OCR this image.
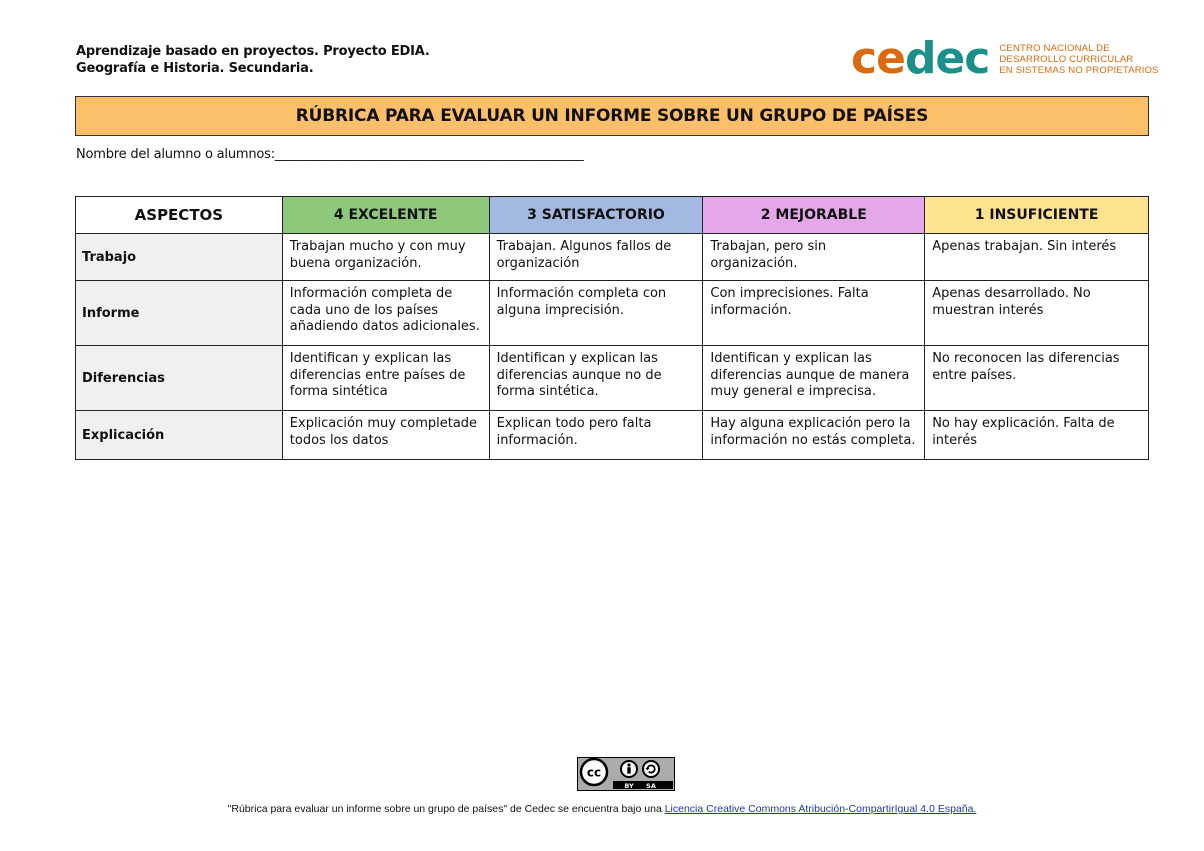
Aprendizaje basado en proyectos. Proyecto EDIA.
Geografía e Historia. Secundaria.	cedec CENTRO NACIONAL DE
DESARROLLO CURRICULAR
EN SISTEMAS NO PROPIETARIOS
RÚBRICA PARA EVALUAR UN INFORME SOBRE UN GRUPO DE PAÍSES
Nombre del alumno o alumnos:_________________________________________________
ASPECTOS	4 EXCELENTE	3 SATISFACTORIO	2 MEJORABLE	1 INSUFICIENTE
Trabajo	Trabajan mucho y con muy buena organización.	Trabajan. Algunos fallos de organización	Trabajan, pero sin organización.	Apenas trabajan. Sin interés
Informe	Información completa de cada uno de los países añadiendo datos adicionales.	Información completa con alguna imprecisión.	Con imprecisiones. Falta información.	Apenas desarrollado. No muestran interés
Diferencias	Identifican y explican las diferencias entre países de forma sintética	Identifican y explican las diferencias aunque no de forma sintética.	Identifican y explican las diferencias aunque de manera muy general e imprecisa.	No reconocen las diferencias entre países.
Explicación	Explicación muy completade todos los datos	Explican todo pero falta información.	Hay alguna explicación pero la información no estás completa.	No hay explicación. Falta de interés
cc
BY SA
"Rúbrica para evaluar un informe sobre un grupo de países" de Cedec se encuentra bajo una Licencia Creative Commons Atribución-CompartirIgual 4.0 España.
